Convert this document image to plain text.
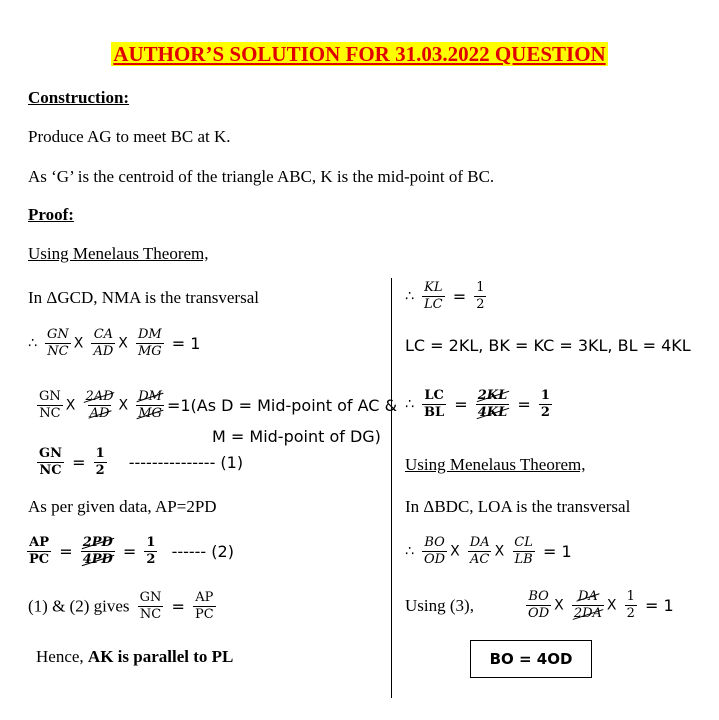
AUTHOR’S SOLUTION FOR 31.03.2022 QUESTION
Construction:
Produce AG to meet BC at K.
As ‘G’ is the centroid of the triangle ABC, K is the mid-point of BC.
Proof:
Using Menelaus Theorem,
In ΔGCD, NMA is the transversal
∴ $\frac{GN}{NC}$ X $\frac{CA}{AD}$ X $\frac{DM}{MG} = 1$
$\frac{GN}{NC}$ X $\frac{2AD}{AD}$ X $\frac{DM}{MG} =1(As$ D = Mid-point of AC &
M = Mid-point of DG)
$\frac{GN}{NC} = \frac{1}{2}$ --------------- (1)
As per given data, AP=2PD
$\frac{AP}{PC} = \frac{2PD}{4PD} = \frac{1}{2}$ ------ (2)
(1) & (2) gives $\frac{GN}{NC} = \frac{AP}{PC}$
Hence, AK is parallel to PL
∴ $\frac{KL}{LC} = \frac{1}{2}$
LC = 2KL, BK = KC = 3KL, BL = 4KL
∴ $\frac{LC}{BL} = \frac{2KL}{4KL} = \frac{1}{2}$
Using Menelaus Theorem,
In ΔBDC, LOA is the transversal
∴ $\frac{BO}{OD}$ X $\frac{DA}{AC}$ X $\frac{CL}{LB} = 1$
Using (3),	$\frac{BO}{OD}$ X $\frac{DA}{2DA}$ X $\frac{1}{2} = 1$
BO = 4OD
